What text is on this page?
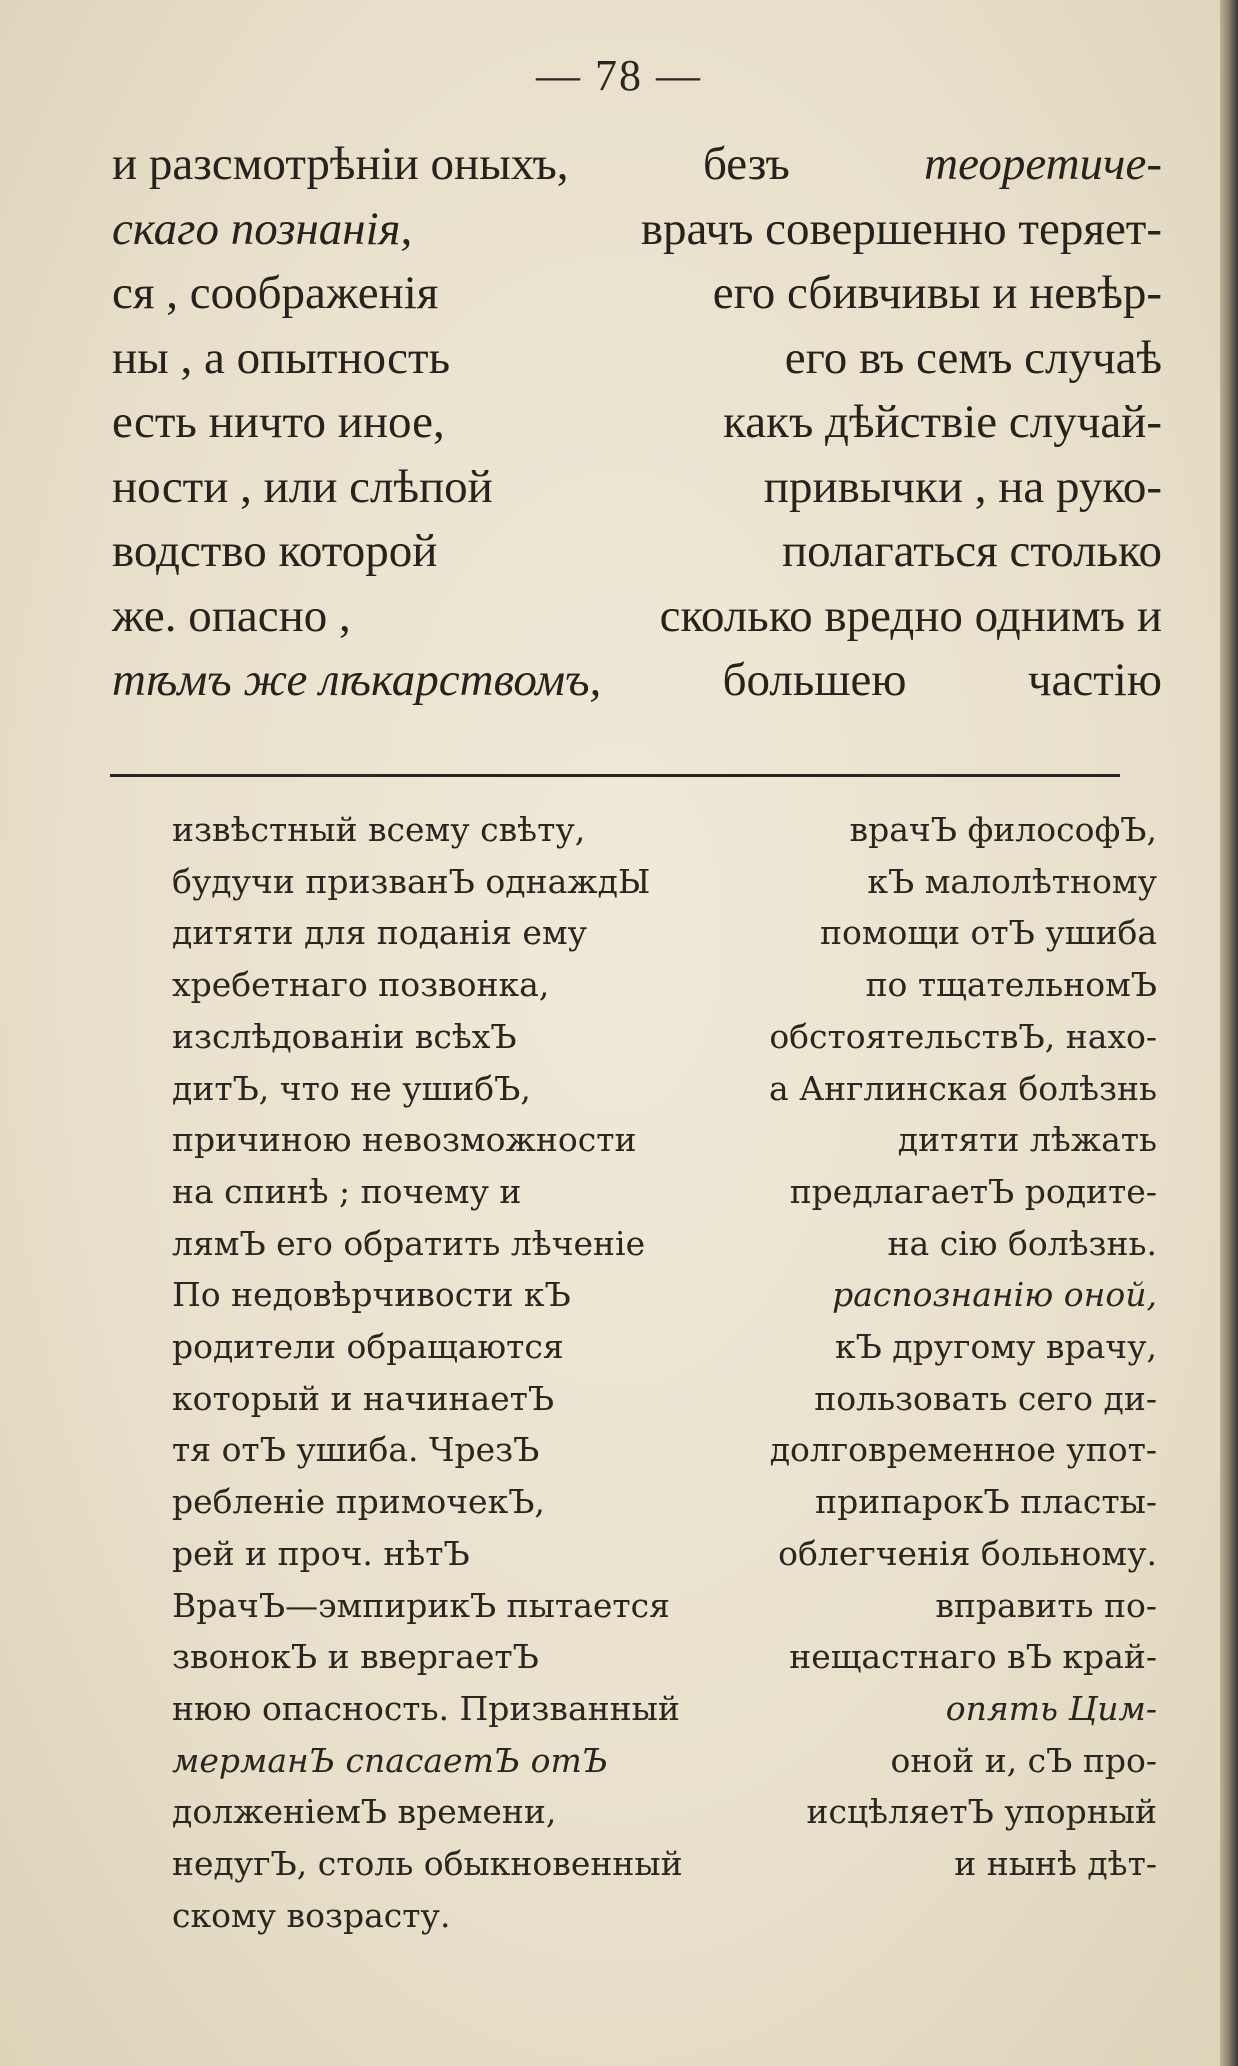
— 78 —
и разсмотрѣніи оныхъ,	безъ	теоретиче-
скаго познанія,	врачъ совершенно теряет-
ся , соображенія	его сбивчивы и невѣр-
ны , а опытность	его въ семъ случаѣ
есть ничто иное,	какъ дѣйствіе случай-
ности , или слѣпой	привычки , на руко-
водство которой	полагаться столько
же. опасно ,	сколько вредно однимъ и
тѣмъ же лѣкарствомъ,	большею	частію
извѣстный всему свѣту,	врачЪ философЪ,
будучи призванЪ однаждЫ	кЪ малолѣтному
дитяти для поданія ему	помощи отЪ ушиба
хребетнаго позвонка,	по тщательномЪ
изслѣдованіи всѣхЪ	обстоятельствЪ, нахо-
дитЪ, что не ушибЪ,	а Англинская болѣзнь
причиною невозможности	дитяти лѣжать
на спинѣ ; почему и	предлагаетЪ родите-
лямЪ его обратить лѣченіе	на сію болѣзнь.
По недовѣрчивости кЪ	распознанію оной,
родители обращаются	кЪ другому врачу,
который и начинаетЪ	пользовать сего ди-
тя отЪ ушиба. ЧрезЪ	долговременное упот-
ребленіе примочекЪ,	припарокЪ пласты-
рей и проч. нѣтЪ	облегченія больному.
ВрачЪ—эмпирикЪ пытается	вправить по-
звонокЪ и ввергаетЪ	нещастнаго вЪ край-
нюю опасность. Призванный	опять Цим-
мерманЪ спасаетЪ отЪ	оной и, сЪ про-
долженіемЪ времени,	исцѣляетЪ упорный
недугЪ, столь обыкновенный	и нынѣ дѣт-
скому возрасту.
